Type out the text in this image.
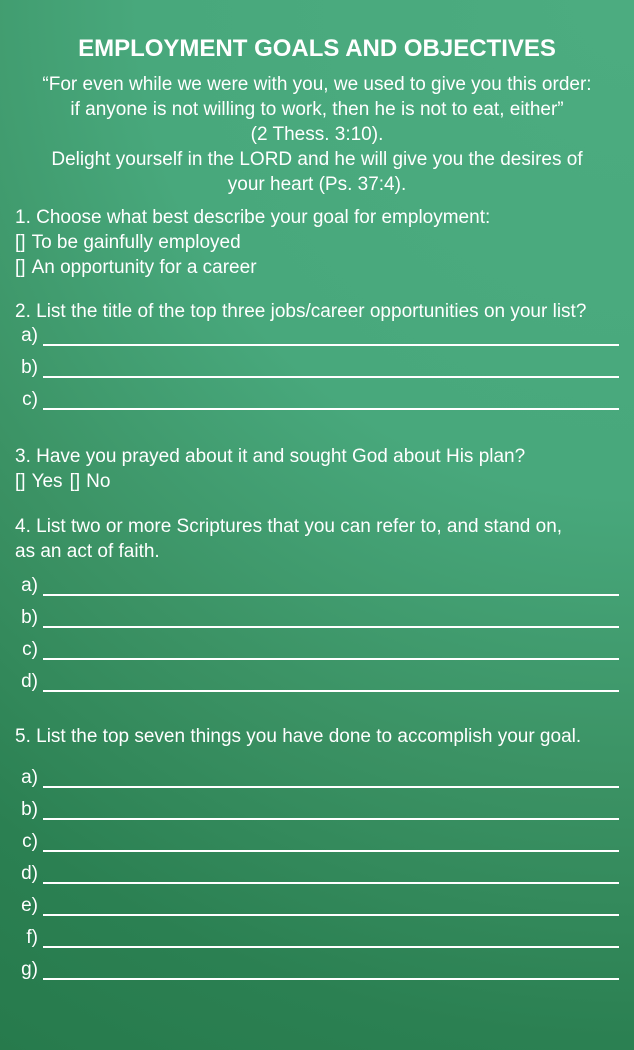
EMPLOYMENT GOALS AND OBJECTIVES
“For even while we were with you, we used to give you this order:
if anyone is not willing to work, then he is not to eat, either”
(2 Thess. 3:10).
Delight yourself in the LORD and he will give you the desires of
your heart (Ps. 37:4).
1. Choose what best describe your goal for employment:
[] To be gainfully employed
[] An opportunity for a career
2. List the title of the top three jobs/career opportunities on your list?
a)
b)
c)
3. Have you prayed about it and sought God about His plan?
[] Yes [] No
4. List two or more Scriptures that you can refer to, and stand on,
as an act of faith.
a)
b)
c)
d)
5. List the top seven things you have done to accomplish your goal.
a)
b)
c)
d)
e)
f)
g)
